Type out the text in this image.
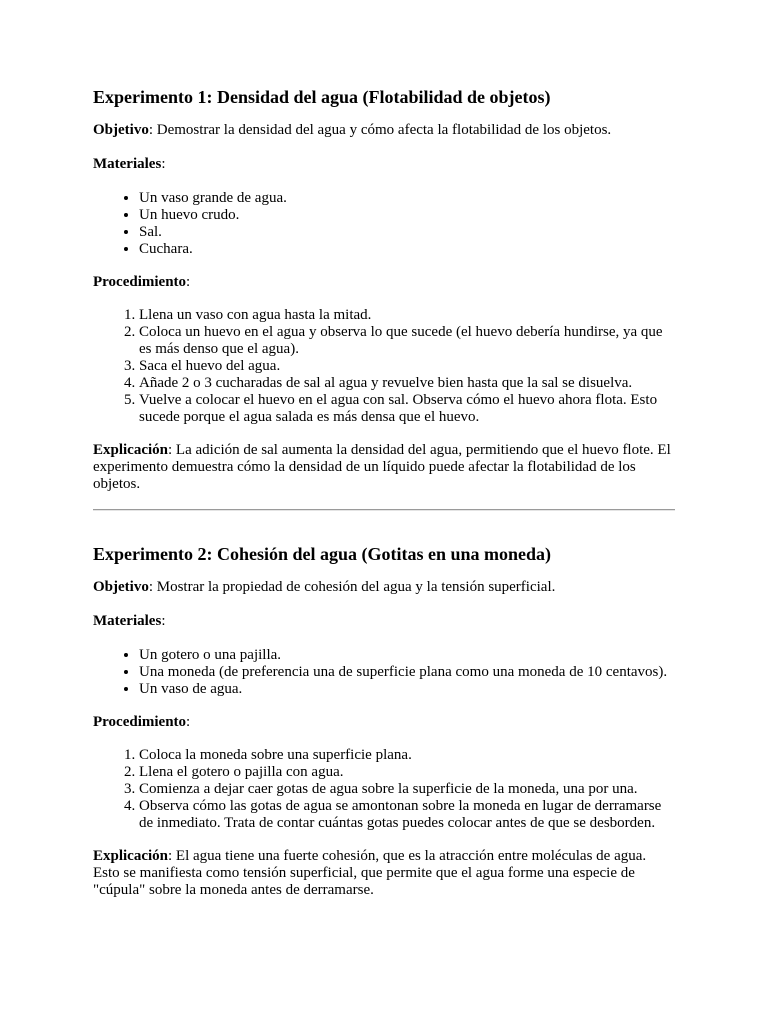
Experimento 1: Densidad del agua (Flotabilidad de objetos)

Objetivo: Demostrar la densidad del agua y cómo afecta la flotabilidad de los objetos.

Materiales:

• Un vaso grande de agua.
• Un huevo crudo.
• Sal.
• Cuchara.

Procedimiento:

1. Llena un vaso con agua hasta la mitad.
2. Coloca un huevo en el agua y observa lo que sucede (el huevo debería hundirse, ya que es más denso que el agua).
3. Saca el huevo del agua.
4. Añade 2 o 3 cucharadas de sal al agua y revuelve bien hasta que la sal se disuelva.
5. Vuelve a colocar el huevo en el agua con sal. Observa cómo el huevo ahora flota. Esto sucede porque el agua salada es más densa que el huevo.

Explicación: La adición de sal aumenta la densidad del agua, permitiendo que el huevo flote. El experimento demuestra cómo la densidad de un líquido puede afectar la flotabilidad de los objetos.

Experimento 2: Cohesión del agua (Gotitas en una moneda)

Objetivo: Mostrar la propiedad de cohesión del agua y la tensión superficial.

Materiales:

• Un gotero o una pajilla.
• Una moneda (de preferencia una de superficie plana como una moneda de 10 centavos).
• Un vaso de agua.

Procedimiento:

1. Coloca la moneda sobre una superficie plana.
2. Llena el gotero o pajilla con agua.
3. Comienza a dejar caer gotas de agua sobre la superficie de la moneda, una por una.
4. Observa cómo las gotas de agua se amontonan sobre la moneda en lugar de derramarse de inmediato. Trata de contar cuántas gotas puedes colocar antes de que se desborden.

Explicación: El agua tiene una fuerte cohesión, que es la atracción entre moléculas de agua. Esto se manifiesta como tensión superficial, que permite que el agua forme una especie de "cúpula" sobre la moneda antes de derramarse.
